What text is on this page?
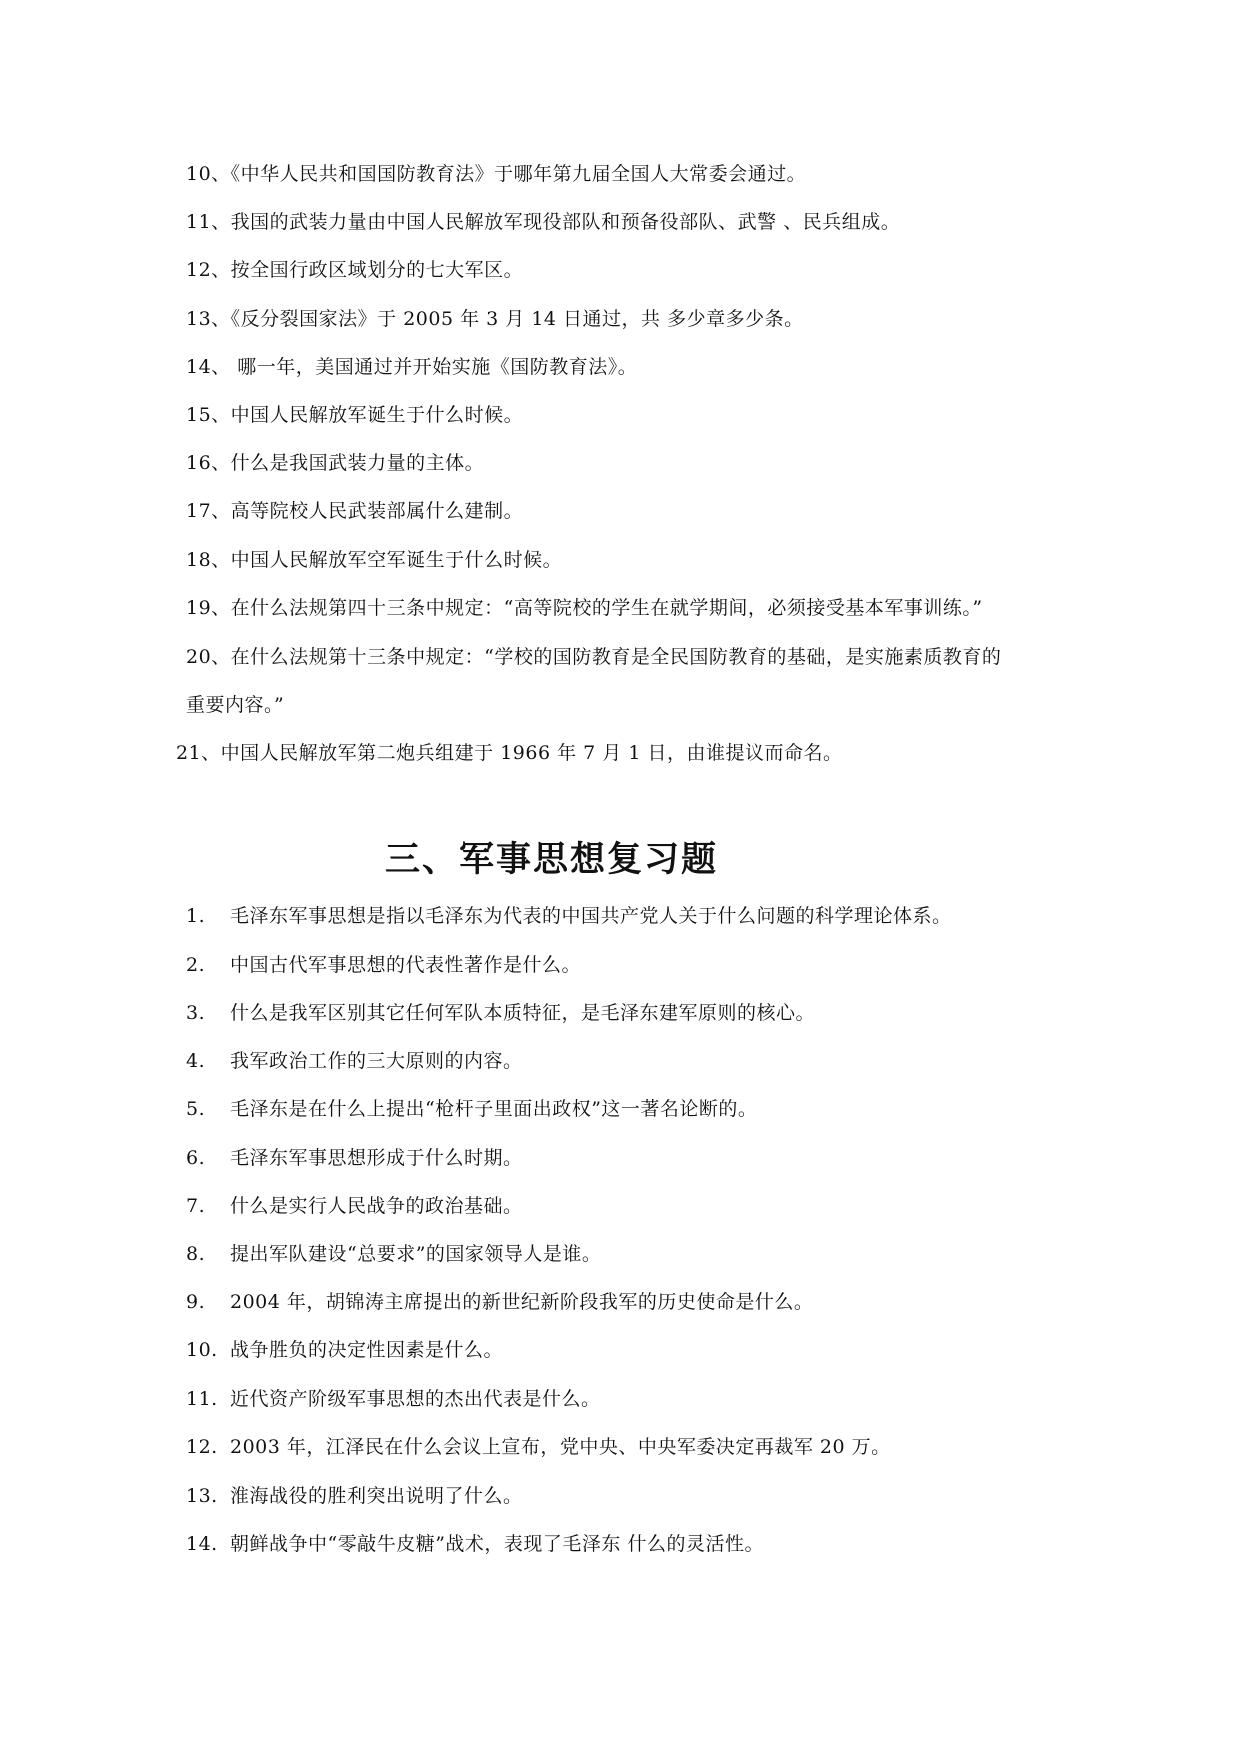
10、《中华人民共和国国防教育法》于哪年第九届全国人大常委会通过。
11、我国的武装力量由中国人民解放军现役部队和预备役部队、武警 、民兵组成。
12、按全国行政区域划分的七大军区。
13、《反分裂国家法》于 2005 年 3 月 14 日通过，共 多少章多少条。
14、 哪一年，美国通过并开始实施《国防教育法》。
15、中国人民解放军诞生于什么时候。
16、什么是我国武装力量的主体。
17、高等院校人民武装部属什么建制。
18、中国人民解放军空军诞生于什么时候。
19、在什么法规第四十三条中规定：“高等院校的学生在就学期间，必须接受基本军事训练。”
20、在什么法规第十三条中规定：“学校的国防教育是全民国防教育的基础，是实施素质教育的
重要内容。”
21、中国人民解放军第二炮兵组建于 1966 年 7 月 1 日，由谁提议而命名。
三、军事思想复习题
1. 毛泽东军事思想是指以毛泽东为代表的中国共产党人关于什么问题的科学理论体系。
2. 中国古代军事思想的代表性著作是什么。
3. 什么是我军区别其它任何军队本质特征，是毛泽东建军原则的核心。
4. 我军政治工作的三大原则的内容。
5. 毛泽东是在什么上提出“枪杆子里面出政权”这一著名论断的。
6. 毛泽东军事思想形成于什么时期。
7. 什么是实行人民战争的政治基础。
8. 提出军队建设“总要求”的国家领导人是谁。
9. 2004 年，胡锦涛主席提出的新世纪新阶段我军的历史使命是什么。
10. 战争胜负的决定性因素是什么。
11. 近代资产阶级军事思想的杰出代表是什么。
12. 2003 年，江泽民在什么会议上宣布，党中央、中央军委决定再裁军 20 万。
13. 淮海战役的胜利突出说明了什么。
14. 朝鲜战争中“零敲牛皮糖”战术，表现了毛泽东 什么的灵活性。
